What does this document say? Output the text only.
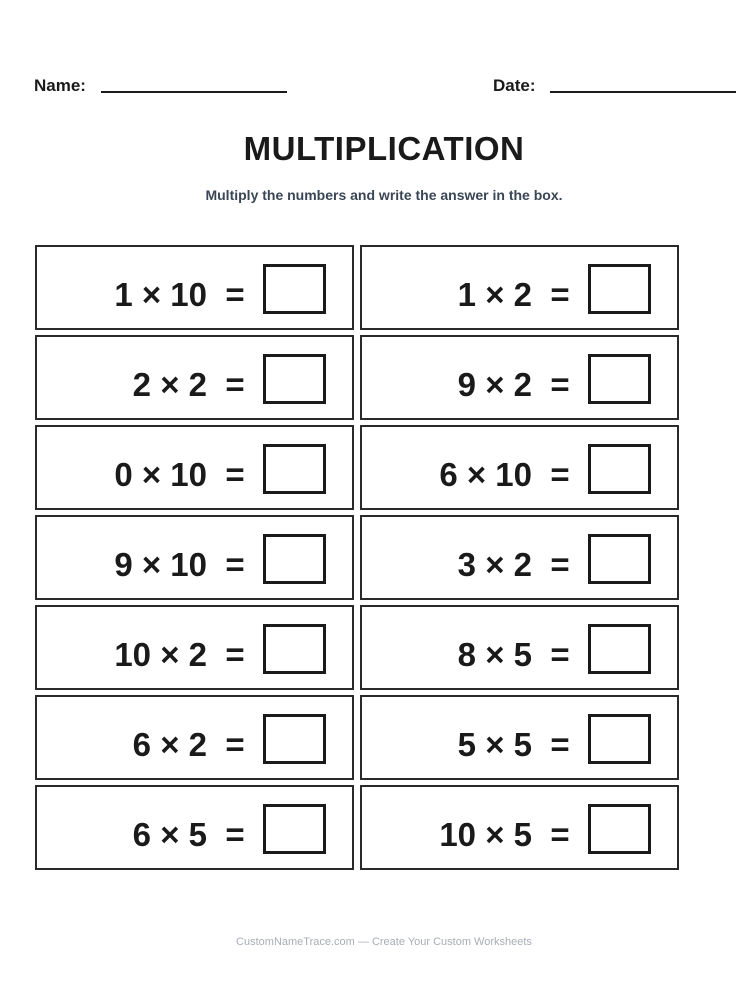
Name:	Date:
MULTIPLICATION
Multiply the numbers and write the answer in the box.
1 × 10 =	1 × 2 =
2 × 2 =	9 × 2 =
0 × 10 =	6 × 10 =
9 × 10 =	3 × 2 =
10 × 2 =	8 × 5 =
6 × 2 =	5 × 5 =
6 × 5 =	10 × 5 =
CustomNameTrace.com — Create Your Custom Worksheets
